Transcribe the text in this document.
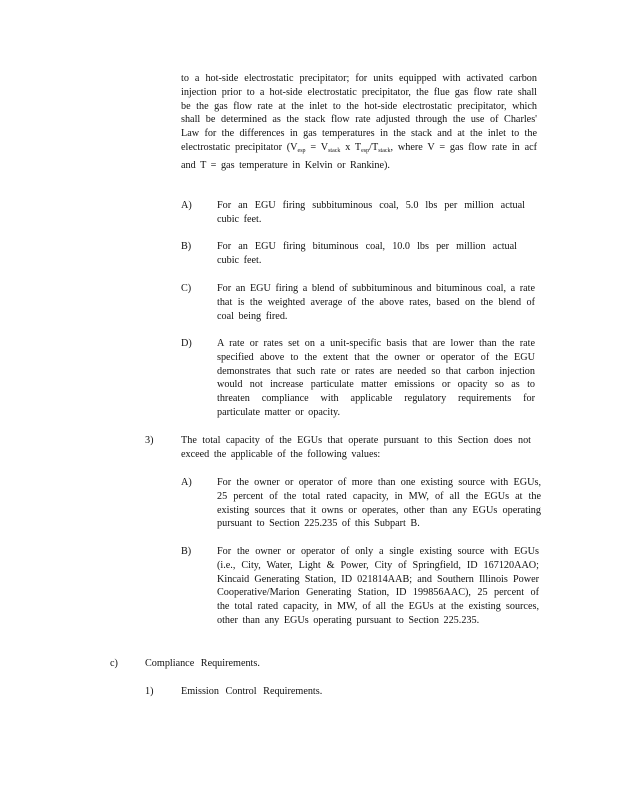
to a hot-side electrostatic precipitator; for units equipped with activated carbon injection prior to a hot-side electrostatic precipitator, the flue gas flow rate shall be the gas flow rate at the inlet to the hot-side electrostatic precipitator, which shall be determined as the stack flow rate adjusted through the use of Charles' Law for the differences in gas temperatures in the stack and at the inlet to the electrostatic precipitator ($V_{esp} = V_{stack}$ x $T_{esp}/T_{stack}$, where V = gas flow rate in acf and T = gas temperature in Kelvin or Rankine).

A) For an EGU firing subbituminous coal, 5.0 lbs per million actual cubic feet.

B)	For an EGU firing bituminous coal, 10.0 lbs per million actual cubic feet.

C)	For an EGU firing a blend of subbituminous and bituminous coal, a rate that is the weighted average of the above rates, based on the blend of coal being fired.

D) A rate or rates set on a unit-specific basis that are lower than the rate specified above to the extent that the owner or operator of the EGU demonstrates that such rate or rates are needed so that carbon injection would not increase particulate matter emissions or opacity so as to threaten compliance with applicable regulatory requirements for particulate matter or opacity.

3)	The total capacity of the EGUs that operate pursuant to this Section does not exceed the applicable of the following values:

A) For the owner or operator of more than one existing source with EGUs, 25 percent of the total rated capacity, in MW, of all the EGUs at the existing sources that it owns or operates, other than any EGUs operating pursuant to Section 225.235 of this Subpart B.

B)	For the owner or operator of only a single existing source with EGUs (i.e., City, Water, Light & Power, City of Springfield, ID 167120AAO; Kincaid Generating Station, ID 021814AAB; and Southern Illinois Power Cooperative/Marion Generating Station, ID 199856AAC), 25 percent of the total rated capacity, in MW, of all the EGUs at the existing sources, other than any EGUs operating pursuant to Section 225.235.

c)	Compliance Requirements.
1)	Emission Control Requirements.
